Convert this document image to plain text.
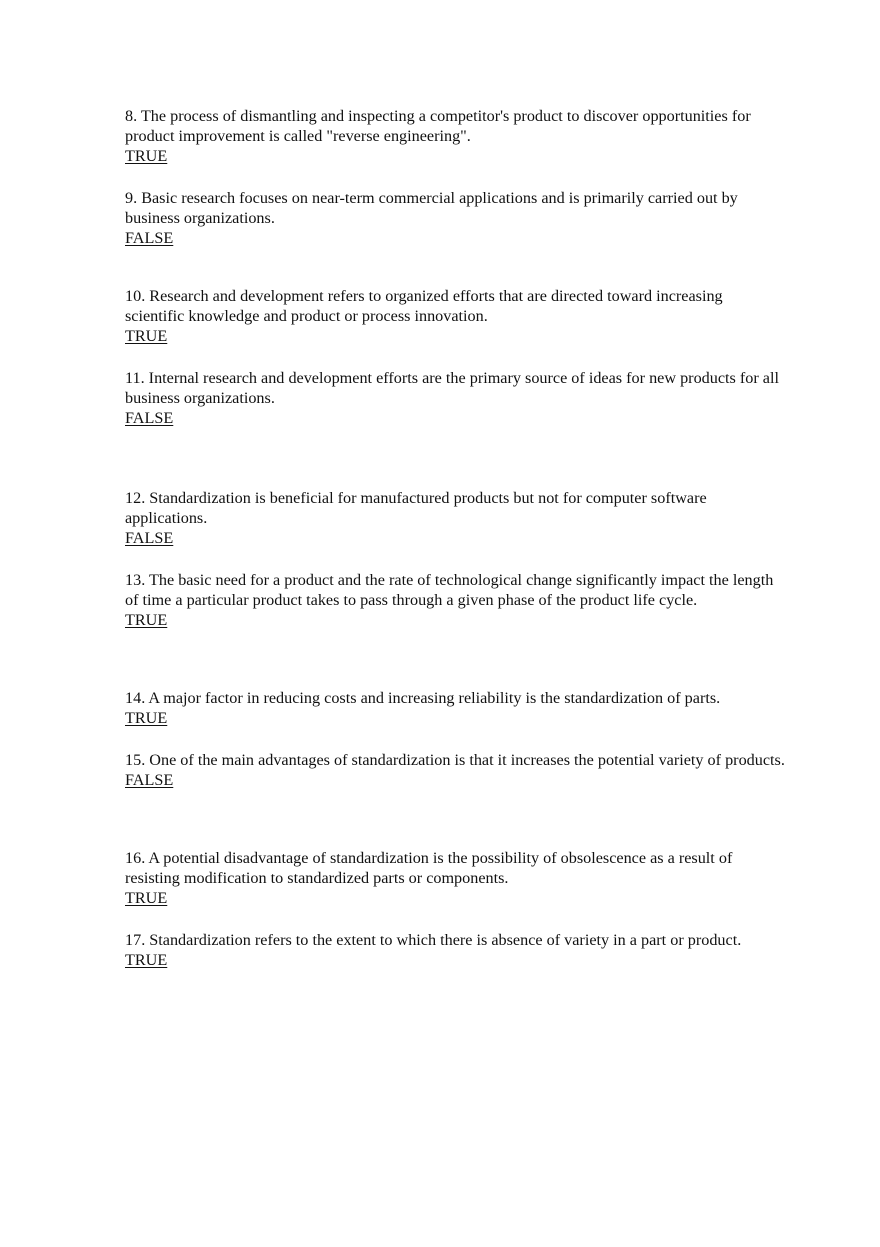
8. The process of dismantling and inspecting a competitor's product to discover opportunities for product improvement is called "reverse engineering".

TRUE

9. Basic research focuses on near-term commercial applications and is primarily carried out by business organizations.

FALSE

10. Research and development refers to organized efforts that are directed toward increasing scientific knowledge and product or process innovation.

TRUE

11. Internal research and development efforts are the primary source of ideas for new products for all business organizations.

FALSE

12. Standardization is beneficial for manufactured products but not for computer software applications.

FALSE

13. The basic need for a product and the rate of technological change significantly impact the length of time a particular product takes to pass through a given phase of the product life cycle.

TRUE

14. A major factor in reducing costs and increasing reliability is the standardization of parts.

TRUE

15. One of the main advantages of standardization is that it increases the potential variety of products.

FALSE

16. A potential disadvantage of standardization is the possibility of obsolescence as a result of resisting modification to standardized parts or components.

TRUE

17. Standardization refers to the extent to which there is absence of variety in a part or product.

TRUE
